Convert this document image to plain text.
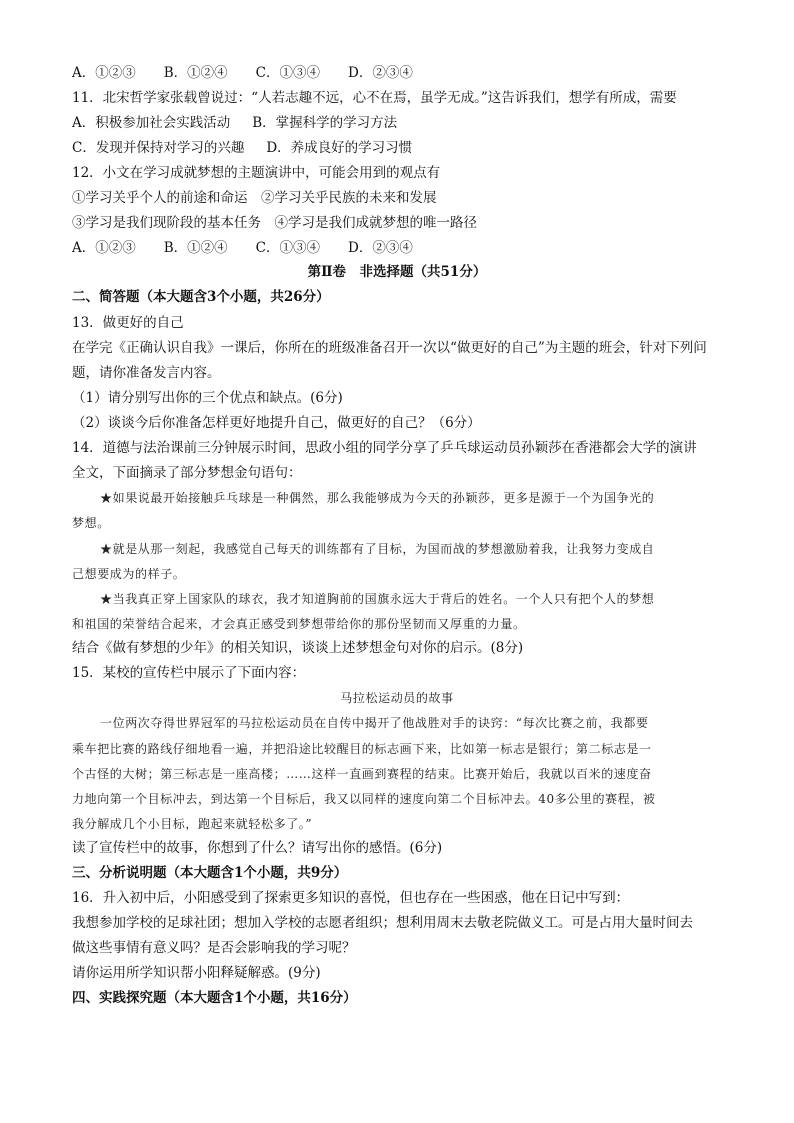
A．①②③ B．①②④ C．①③④ D．②③④
11．北宋哲学家张载曾说过：“人若志趣不远，心不在焉，虽学无成。”这告诉我们，想学有所成，需要
A．积极参加社会实践活动 B．掌握科学的学习方法
C．发现并保持对学习的兴趣 D．养成良好的学习习惯
12．小文在学习成就梦想的主题演讲中，可能会用到的观点有
①学习关乎个人的前途和命运　②学习关乎民族的未来和发展
③学习是我们现阶段的基本任务　④学习是我们成就梦想的唯一路径
A．①②③ B．①②④ C．①③④ D．②③④
第Ⅱ卷　非选择题（共51分）
二、简答题（本大题含3个小题，共26分）
13．做更好的自己
在学完《正确认识自我》一课后，你所在的班级准备召开一次以“做更好的自己”为主题的班会，针对下列问
题，请你准备发言内容。
（1）请分别写出你的三个优点和缺点。(6分)
（2）谈谈今后你准备怎样更好地提升自己，做更好的自己？（6分）
14．道德与法治课前三分钟展示时间，思政小组的同学分享了乒乓球运动员孙颖莎在香港都会大学的演讲
全文，下面摘录了部分梦想金句语句：
★如果说最开始接触乒乓球是一种偶然，那么我能够成为今天的孙颖莎，更多是源于一个为国争光的
梦想。
★就是从那一刻起，我感觉自己每天的训练都有了目标，为国而战的梦想激励着我，让我努力变成自
己想要成为的样子。
★当我真正穿上国家队的球衣，我才知道胸前的国旗永远大于背后的姓名。一个人只有把个人的梦想
和祖国的荣誉结合起来，才会真正感受到梦想带给你的那份坚韧而又厚重的力量。
结合《做有梦想的少年》的相关知识，谈谈上述梦想金句对你的启示。(8分)
15．某校的宣传栏中展示了下面内容：
马拉松运动员的故事
一位两次夺得世界冠军的马拉松运动员在自传中揭开了他战胜对手的诀窍：“每次比赛之前，我都要
乘车把比赛的路线仔细地看一遍，并把沿途比较醒目的标志画下来，比如第一标志是银行；第二标志是一
个古怪的大树；第三标志是一座高楼；……这样一直画到赛程的结束。比赛开始后，我就以百米的速度奋
力地向第一个目标冲去，到达第一个目标后，我又以同样的速度向第二个目标冲去。40多公里的赛程，被
我分解成几个小目标，跑起来就轻松多了。”
读了宣传栏中的故事，你想到了什么？请写出你的感悟。(6分)
三、分析说明题（本大题含1个小题，共9分）
16．升入初中后，小阳感受到了探索更多知识的喜悦，但也存在一些困惑，他在日记中写到：
我想参加学校的足球社团；想加入学校的志愿者组织；想利用周末去敬老院做义工。可是占用大量时间去
做这些事情有意义吗？是否会影响我的学习呢？
请你运用所学知识帮小阳释疑解惑。(9分)
四、实践探究题（本大题含1个小题，共16分）
